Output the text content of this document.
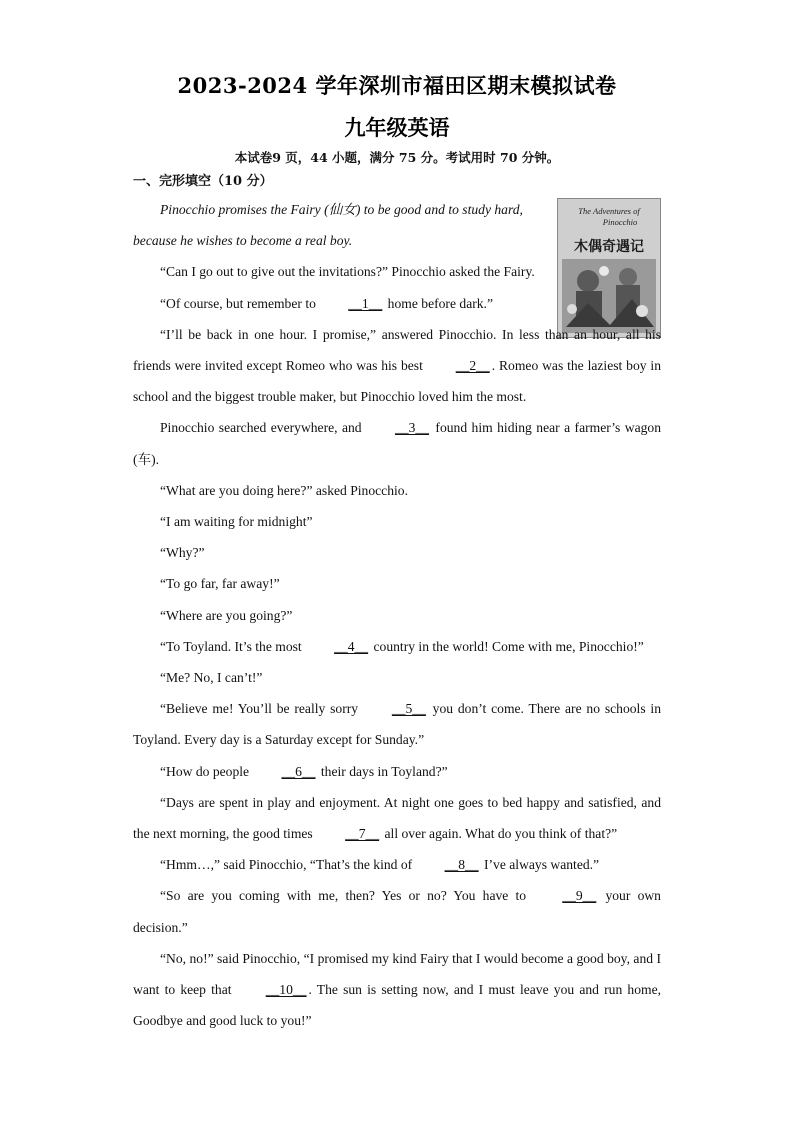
2023-2024 学年深圳市福田区期末模拟试卷
九年级英语
本试卷9 页，44 小题，满分 75 分。考试用时 70 分钟。
一、完形填空（10 分）
The Adventures of
Pinocchio
木偶奇遇记

Pinocchio promises the Fairy (仙女) to be good and to study hard,

because he wishes to become a real boy.

“Can I go out to give out the invitations?” Pinocchio asked the Fairy.

“Of course, but remember to __1__ home before dark.”

“I’ll be back in one hour. I promise,” answered Pinocchio. In less than an hour, all his friends were invited except Romeo who was his best __2__ . Romeo was the laziest boy in school and the biggest trouble maker, but Pinocchio loved him the most.

Pinocchio searched everywhere, and __3__ found him hiding near a farmer’s wagon (车).

“What are you doing here?” asked Pinocchio.

“I am waiting for midnight”

“Why?”

“To go far, far away!”

“Where are you going?”

“To Toyland. It’s the most __4__ country in the world! Come with me, Pinocchio!”

“Me? No, I can’t!”

“Believe me! You’ll be really sorry __5__ you don’t come. There are no schools in Toyland. Every day is a Saturday except for Sunday.”

“How do people __6__ their days in Toyland?”

“Days are spent in play and enjoyment. At night one goes to bed happy and satisfied, and the next morning, the good times __7__ all over again. What do you think of that?”

“Hmm…,” said Pinocchio, “That’s the kind of __8__ I’ve always wanted.”

“So are you coming with me, then? Yes or no? You have to __9__ your own decision.”

“No, no!” said Pinocchio, “I promised my kind Fairy that I would become a good boy, and I want to keep that __10__ . The sun is setting now, and I must leave you and run home, Goodbye and good luck to you!”
